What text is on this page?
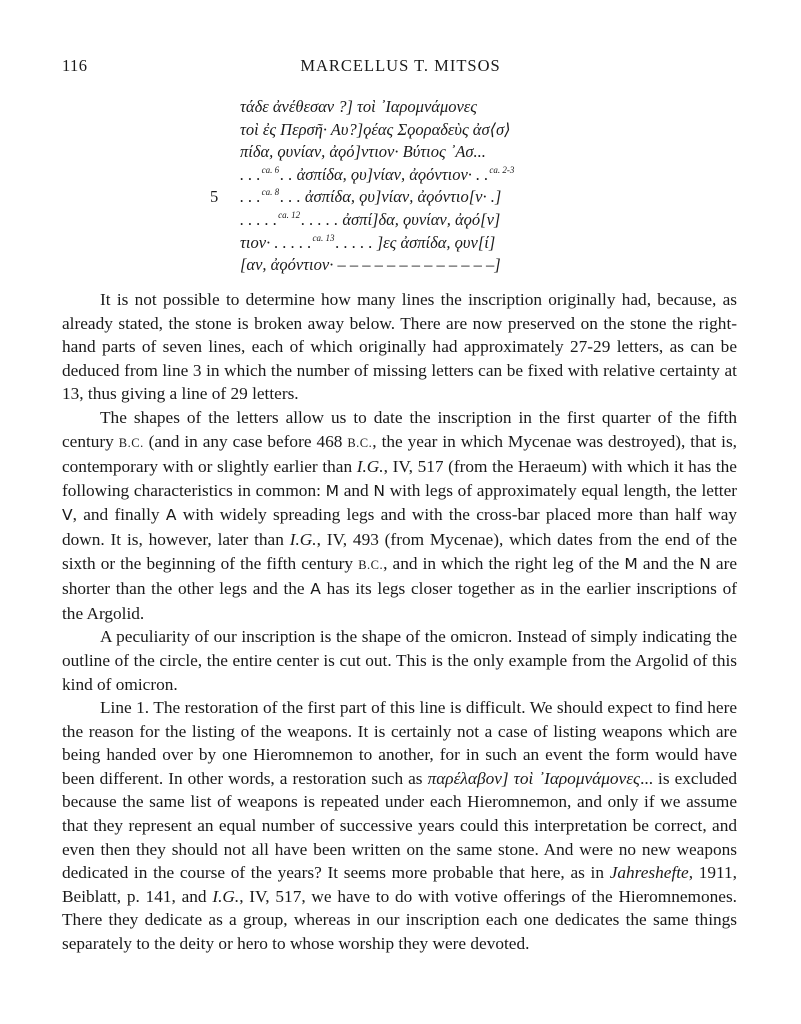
116	MARCELLUS T. MITSOS
τάδε ἀνέθεσαν ?] τοὶ ᾽Ιαρομνάμονες
τοὶ ἐς Περσῆ· Αυ?]ϙέας Σϙοραδεὺς ἀσ⟨σ⟩
πίδα, ϙυνίαν, ἀϙό]ντιον· Βύτιος ᾽Ασ...
. . .$^{ca. 6}$. . ἀσπίδα, ϙυ]νίαν, ἀϙόντιον· . .$^{ca. 2-3}$
5 . . .$^{ca. 8}$. . . ἀσπίδα, ϙυ]νίαν, ἀϙόντιο[ν· .]
. . . . .$^{ca. 12}$. . . . . ἀσπί]δα, ϙυνίαν, ἀϙό[ν]
τιον· . . . . .$^{ca. 13}$. . . . . ]ες ἀσπίδα, ϙυν[ί]
[αν, ἀϙόντιον· – – – – – – – – – – – – –]

It is not possible to determine how many lines the inscription originally had, because, as already stated, the stone is broken away below. There are now preserved on the stone the right-hand parts of seven lines, each of which originally had approximately 27-29 letters, as can be deduced from line 3 in which the number of missing letters can be fixed with relative certainty at 13, thus giving a line of 29 letters.

The shapes of the letters allow us to date the inscription in the first quarter of the fifth century B.C. (and in any case before 468 B.C., the year in which Mycenae was destroyed), that is, contemporary with or slightly earlier than I.G., IV, 517 (from the Heraeum) with which it has the following characteristics in common: M and N with legs of approximately equal length, the letter V, and finally A with widely spreading legs and with the cross-bar placed more than half way down. It is, however, later than I.G., IV, 493 (from Mycenae), which dates from the end of the sixth or the beginning of the fifth century B.C., and in which the right leg of the M and the N are shorter than the other legs and the A has its legs closer together as in the earlier inscriptions of the Argolid.

A peculiarity of our inscription is the shape of the omicron. Instead of simply indicating the outline of the circle, the entire center is cut out. This is the only example from the Argolid of this kind of omicron.

Line 1. The restoration of the first part of this line is difficult. We should expect to find here the reason for the listing of the weapons. It is certainly not a case of listing weapons which are being handed over by one Hieromnemon to another, for in such an event the form would have been different. In other words, a restoration such as παρέλαβον] τοὶ ᾽Ιαρομνάμονες... is excluded because the same list of weapons is repeated under each Hieromnemon, and only if we assume that they represent an equal number of successive years could this interpretation be correct, and even then they should not all have been written on the same stone. And were no new weapons dedicated in the course of the years? It seems more probable that here, as in Jahreshefte, 1911, Beiblatt, p. 141, and I.G., IV, 517, we have to do with votive offerings of the Hieromnemones. There they dedicate as a group, whereas in our inscription each one dedicates the same things separately to the deity or hero to whose worship they were devoted.
